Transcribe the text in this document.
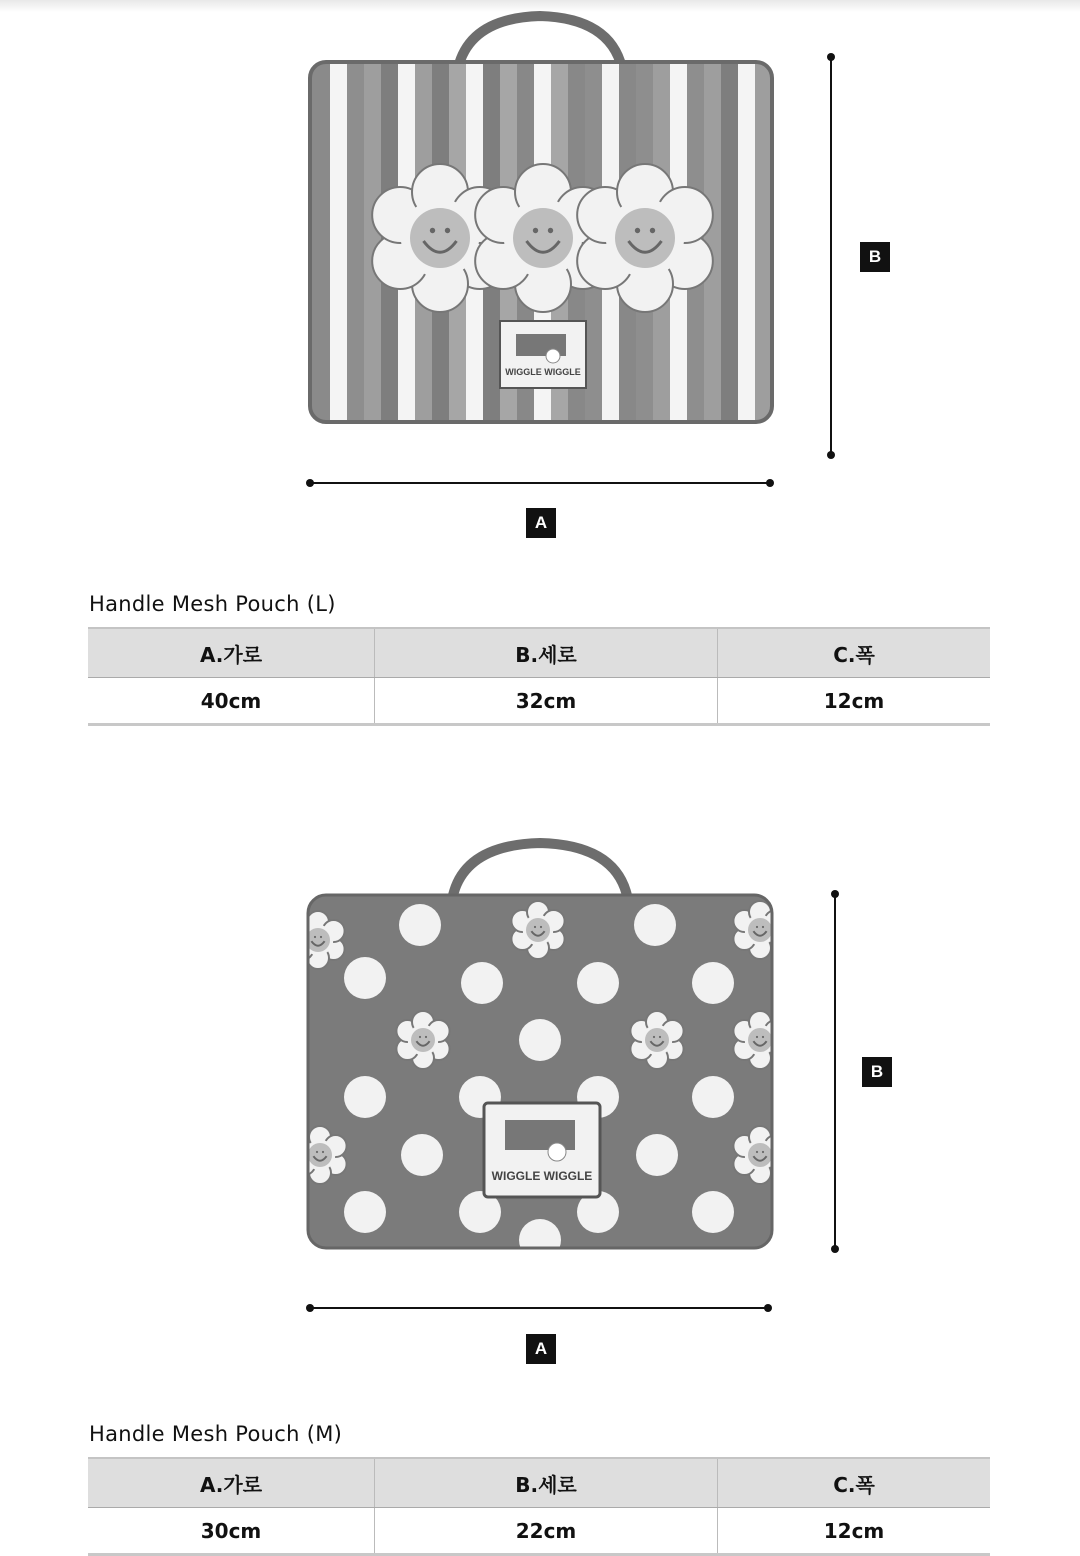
WIGGLE WIGGLE
B
A
Handle Mesh Pouch (L)
A.가로	B.세로	C.폭
40cm	32cm	12cm
WIGGLE WIGGLE
B
A
Handle Mesh Pouch (M)
A.가로	B.세로	C.폭
30cm	22cm	12cm
